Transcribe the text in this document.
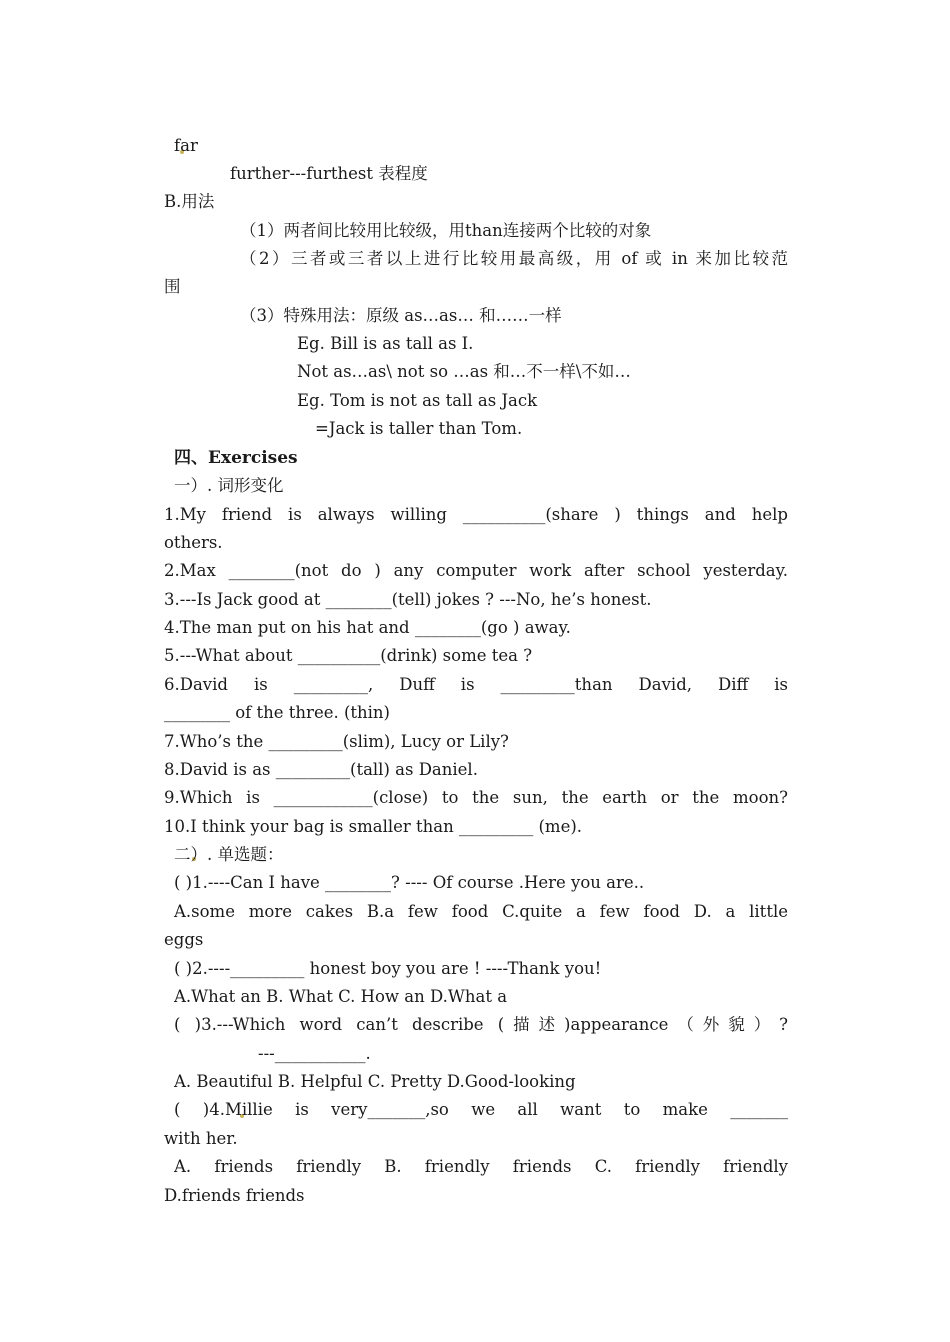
far
further---furthest 表程度
B.用法
（1）两者间比较用比较级，用than连接两个比较的对象
（2）三者或三者以上进行比较用最高级，用 of 或 in 来加比较范
围
（3）特殊用法：原级 as…as… 和……一样
Eg. Bill is as tall as I.
Not as…as\ not so …as 和…不一样\不如…
Eg. Tom is not as tall as Jack
=Jack is taller than Tom.
四、Exercises
一）. 词形变化
1.My friend is always willing __________(share ) things and help
others.
2.Max ________(not do ) any computer work after school yesterday.
3.---Is Jack good at ________(tell) jokes ? ---No, he’s honest.
4.The man put on his hat and ________(go ) away.
5.---What about __________(drink) some tea ?
6.David is _________, Duff is _________than David, Diff is
________ of the three. (thin)
7.Who’s the _________(slim), Lucy or Lily?
8.David is as _________(tall) as Daniel.
9.Which is ____________(close) to the sun, the earth or the moon?
10.I think your bag is smaller than _________ (me).
二）. 单选题：
( )1.----Can I have ________? ---- Of course .Here you are..
A.some more cakes B.a few food C.quite a few food D. a little
eggs
( )2.----_________ honest boy you are ! ----Thank you!
A.What an B. What C. How an D.What a
( )3.---Which word can’t describe (描述)appearance（外貌）?
---___________.
A. Beautiful B. Helpful C. Pretty D.Good-looking
( )4.Millie is very_______,so we all want to make _______
with her.
A. friends friendly B. friendly friends C. friendly friendly
D.friends friends
